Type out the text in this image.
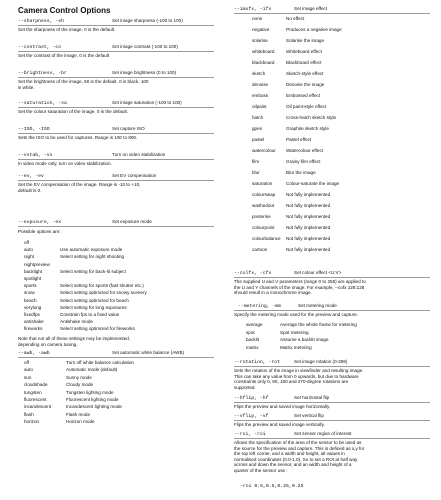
Camera Control Options
--sharpness, -sh	Set image sharpness (-100 to 100)
Set the sharpness of the image, 0 is the default.
--contrast, -co	Set image contrast (-100 to 100)
Set the contrast of the image, 0 is the default
--brightness, -br	Set image brightness (0 to 100)
Set the brightness of the image, 50 is the default. 0 is black, 100
is white.
--saturation, -sa	Set image saturation (-100 to 100)
Set the colour saturation of the image. 0 is the default.
--ISO, -ISO	Set capture ISO
Sets the ISO to be used for captures. Range is 100 to 800.
--vstab, -vs	Turn on video stabilization
In video mode only, turn on video stabilization.
--ev, -ev	Set EV compensation
Set the EV compensation of the image. Range is -10 to +10,
default is 0.
--exposure, -ex	Set exposure mode
Possible options are:
off
auto	Use automatic exposure mode
night	Select setting for night shooting
nightpreview
backlight	Select setting for back-lit subject
spotlight
sports	Select setting for sports (fast shutter etc.)
snow	Select setting optimized for snowy scenery
beach	Select setting optimized for beach
verylong	Select setting for long exposures
fixedfps	Constrain fps to a fixed value
antishake	Antishake mode
fireworks	Select setting optimized for fireworks
Note that not all of these settings may be implemented,
depending on camera tuning.
--awb, -awb	Set automatic white balance (AWB)
off	Turn off white balance calculation
auto	Automatic mode (default)
sun	Sunny mode
cloudshade	Cloudy mode
tungsten	Tungsten lighting mode
fluorescent	Fluorescent lighting mode
incandescent	Incandescent lighting mode
flash	Flash mode
horizon	Horizon mode
--imxfx, -ifx	Set image effect
none	No effect
negative	Produces a negative image
solarise	Solarise the image
whiteboard	Whiteboard effect
blackboard	Blackboard effect
sketch	Sketch-style effect
denoise	Denoise the image
emboss	Embossed effect
oilpaint	Oil paint-style effect
hatch	Cross-hatch sketch style
gpen	Graphite sketch style
pastel	Pastel effect
watercolour Watercolour effect
film	Grainy film effect
blur	Blur the image
saturation	Colour-saturate the image
colourswap Not fully implemented
washedout	Not fully implemented
posterise	Not fully implemented
colourpoint	Not fully implemented
colourbalance Not fully implemented
cartoon	Not fully implemented
--colfx, -cfx	Set colour effect <U:V>
The supplied U and V parameters (range 0 to 255) are applied to
the U and Y channels of the image. For example, --cofx 128:128
should result in a monochrome image.
--metering, -mm	Set metering mode
Specify the metering mode used for the preview and capture.
average	Average the whole frame for metering
spot	Spot metering
backlit	Assume a backlit image
matrix	Matrix metering
--rotation, -rot	Set image rotation (0-359)
Sets the rotation of the image in viewfinder and resulting image.
This can take any value from 0 upwards, but due to hardware
constraints only 0, 90, 180 and 270-degree rotations are
supported.
--hflip, -hf	Set horizontal flip
Flips the preview and saved image horizontally.
--vflip, -vf	Set vertical flip
Flips the preview and saved image vertically.
--roi, -roi	Set sensor region of interest
Allows the specification of the area of the sensor to be used as
the source for the preview and capture. This is defined as x,y for
the top left corner, and a width and height, all values in
normalised coordinates (0.0-1.0). So to set a ROI at half way
across and down the sensor, and an width and height of a
quarter of the sensor use :
-roi 0.5,0.5,0.25,0.25
